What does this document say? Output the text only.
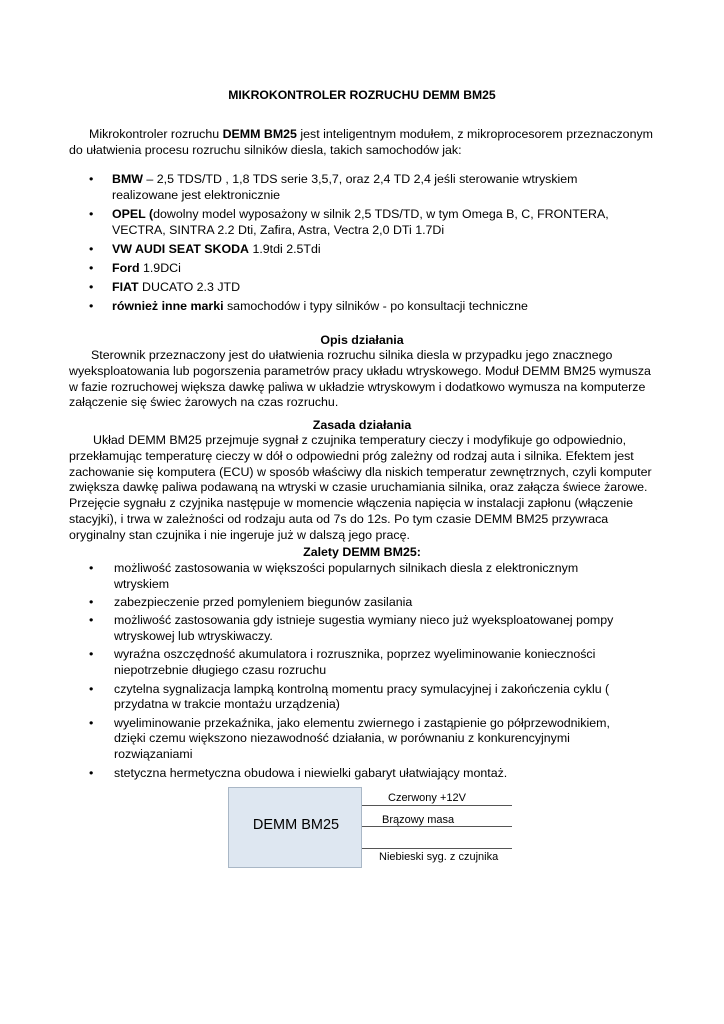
MIKROKONTROLER ROZRUCHU DEMM BM25
Mikrokontroler rozruchu DEMM BM25 jest inteligentnym modułem, z mikroprocesorem przeznaczonym do ułatwienia procesu rozruchu silników diesla, takich samochodów jak:
• BMW – 2,5 TDS/TD , 1,8 TDS serie 3,5,7, oraz 2,4 TD 2,4 jeśli sterowanie wtryskiem realizowane jest elektronicznie
• OPEL (dowolny model wyposażony w silnik 2,5 TDS/TD, w tym Omega B, C, FRONTERA, VECTRA, SINTRA 2.2 Dti, Zafira, Astra, Vectra 2,0 DTi 1.7Di
• VW AUDI SEAT SKODA 1.9tdi 2.5Tdi
• Ford 1.9DCi
• FIAT DUCATO 2.3 JTD
• również inne marki samochodów i typy silników - po konsultacji techniczne
Opis działania
Sterownik przeznaczony jest do ułatwienia rozruchu silnika diesla w przypadku jego znacznego wyeksploatowania lub pogorszenia parametrów pracy układu wtryskowego. Moduł DEMM BM25 wymusza w fazie rozruchowej większa dawkę paliwa w układzie wtryskowym i dodatkowo wymusza na komputerze załączenie się świec żarowych na czas rozruchu.
Zasada działania
Układ DEMM BM25 przejmuje sygnał z czujnika temperatury cieczy i modyfikuje go odpowiednio, przekłamując temperaturę cieczy w dół o odpowiedni próg zależny od rodzaj auta i silnika. Efektem jest zachowanie się komputera (ECU) w sposób właściwy dla niskich temperatur zewnętrznych, czyli komputer zwiększa dawkę paliwa podawaną na wtryski w czasie uruchamiania silnika, oraz załącza świece żarowe. Przejęcie sygnału z czyjnika następuje w momencie włączenia napięcia w instalacji zapłonu (włączenie stacyjki), i trwa w zależności od rodzaju auta od 7s do 12s. Po tym czasie DEMM BM25 przywraca oryginalny stan czujnika i nie ingeruje już w dalszą jego pracę.
Zalety DEMM BM25:
• możliwość zastosowania w większości popularnych silnikach diesla z elektronicznym wtryskiem
• zabezpieczenie przed pomyleniem biegunów zasilania
• możliwość zastosowania gdy istnieje sugestia wymiany nieco już wyeksploatowanej pompy wtryskowej lub wtryskiwaczy.
• wyraźna oszczędność akumulatora i rozrusznika, poprzez wyeliminowanie konieczności niepotrzebnie długiego czasu rozruchu
• czytelna sygnalizacja lampką kontrolną momentu pracy symulacyjnej i zakończenia cyklu ( przydatna w trakcie montażu urządzenia)
• wyeliminowanie przekaźnika, jako elementu zwiernego i zastąpienie go półprzewodnikiem, dzięki czemu większono niezawodność działania, w porównaniu z konkurencyjnymi rozwiązaniami
• stetyczna hermetyczna obudowa i niewielki gabaryt ułatwiający montaż.
DEMM BM25
Czerwony +12V
Brązowy masa
Niebieski syg. z czujnika
